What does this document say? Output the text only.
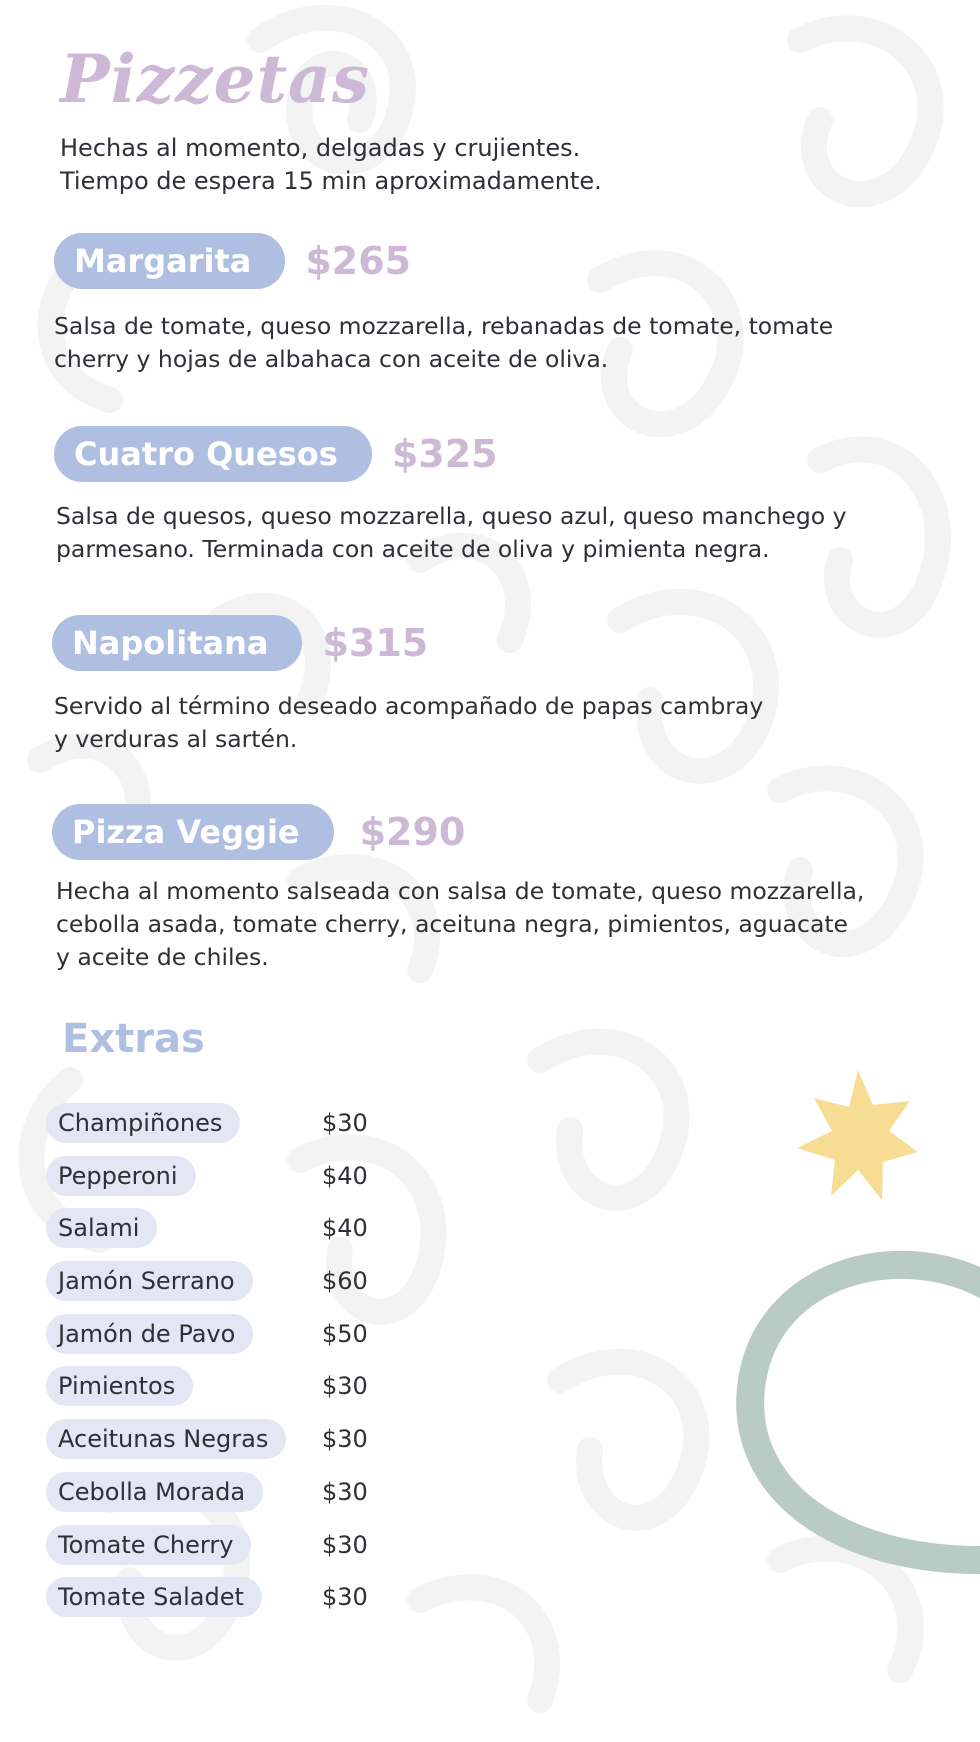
Pizzetas
Hechas al momento, delgadas y crujientes.
Tiempo de espera 15 min aproximadamente.
Margarita	$265
Salsa de tomate, queso mozzarella, rebanadas de tomate, tomate
cherry y hojas de albahaca con aceite de oliva.
Cuatro Quesos	$325
Salsa de quesos, queso mozzarella, queso azul, queso manchego y
parmesano. Terminada con aceite de oliva y pimienta negra.
Napolitana	$315
Servido al término deseado acompañado de papas cambray
y verduras al sartén.
Pizza Veggie	$290
Hecha al momento salseada con salsa de tomate, queso mozzarella,
cebolla asada, tomate cherry, aceituna negra, pimientos, aguacate
y aceite de chiles.
Extras
Champiñones	$30
Pepperoni	$40
Salami	$40
Jamón Serrano	$60
Jamón de Pavo	$50
Pimientos	$30
Aceitunas Negras	$30
Cebolla Morada	$30
Tomate Cherry	$30
Tomate Saladet	$30
